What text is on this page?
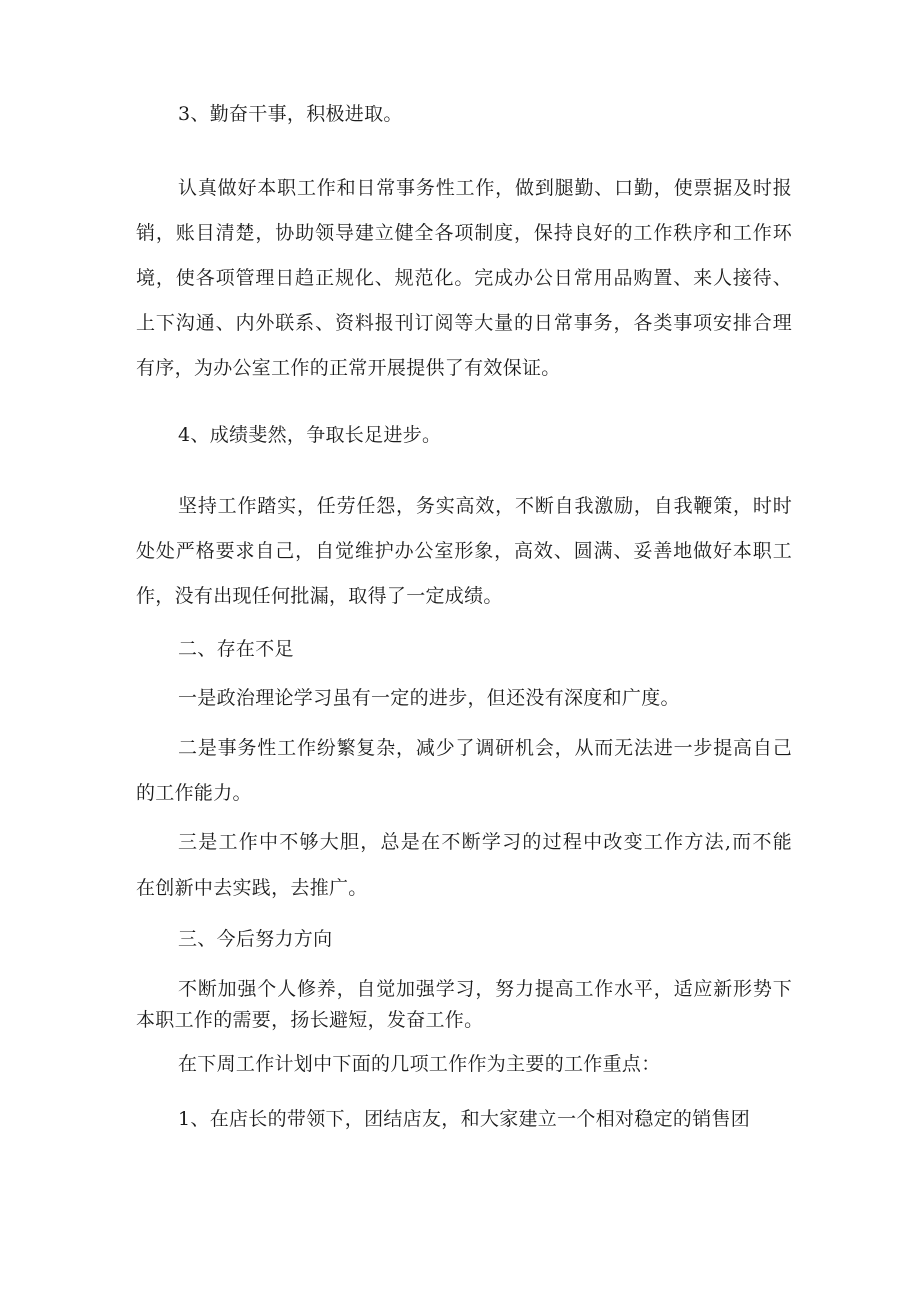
3、勤奋干事，积极进取。
认真做好本职工作和日常事务性工作，做到腿勤、口勤，使票据及时报
销，账目清楚，协助领导建立健全各项制度，保持良好的工作秩序和工作环
境，使各项管理日趋正规化、规范化。完成办公日常用品购置、来人接待、
上下沟通、内外联系、资料报刊订阅等大量的日常事务，各类事项安排合理
有序，为办公室工作的正常开展提供了有效保证。
4、成绩斐然，争取长足进步。
坚持工作踏实，任劳任怨，务实高效，不断自我激励，自我鞭策，时时
处处严格要求自己，自觉维护办公室形象，高效、圆满、妥善地做好本职工
作，没有出现任何批漏，取得了一定成绩。
二、存在不足
一是政治理论学习虽有一定的进步，但还没有深度和广度。
二是事务性工作纷繁复杂，减少了调研机会，从而无法进一步提高自己
的工作能力。
三是工作中不够大胆，总是在不断学习的过程中改变工作方法,而不能
在创新中去实践，去推广。
三、今后努力方向
不断加强个人修养，自觉加强学习，努力提高工作水平，适应新形势下
本职工作的需要，扬长避短，发奋工作。
在下周工作计划中下面的几项工作作为主要的工作重点：
1、在店长的带领下，团结店友，和大家建立一个相对稳定的销售团
